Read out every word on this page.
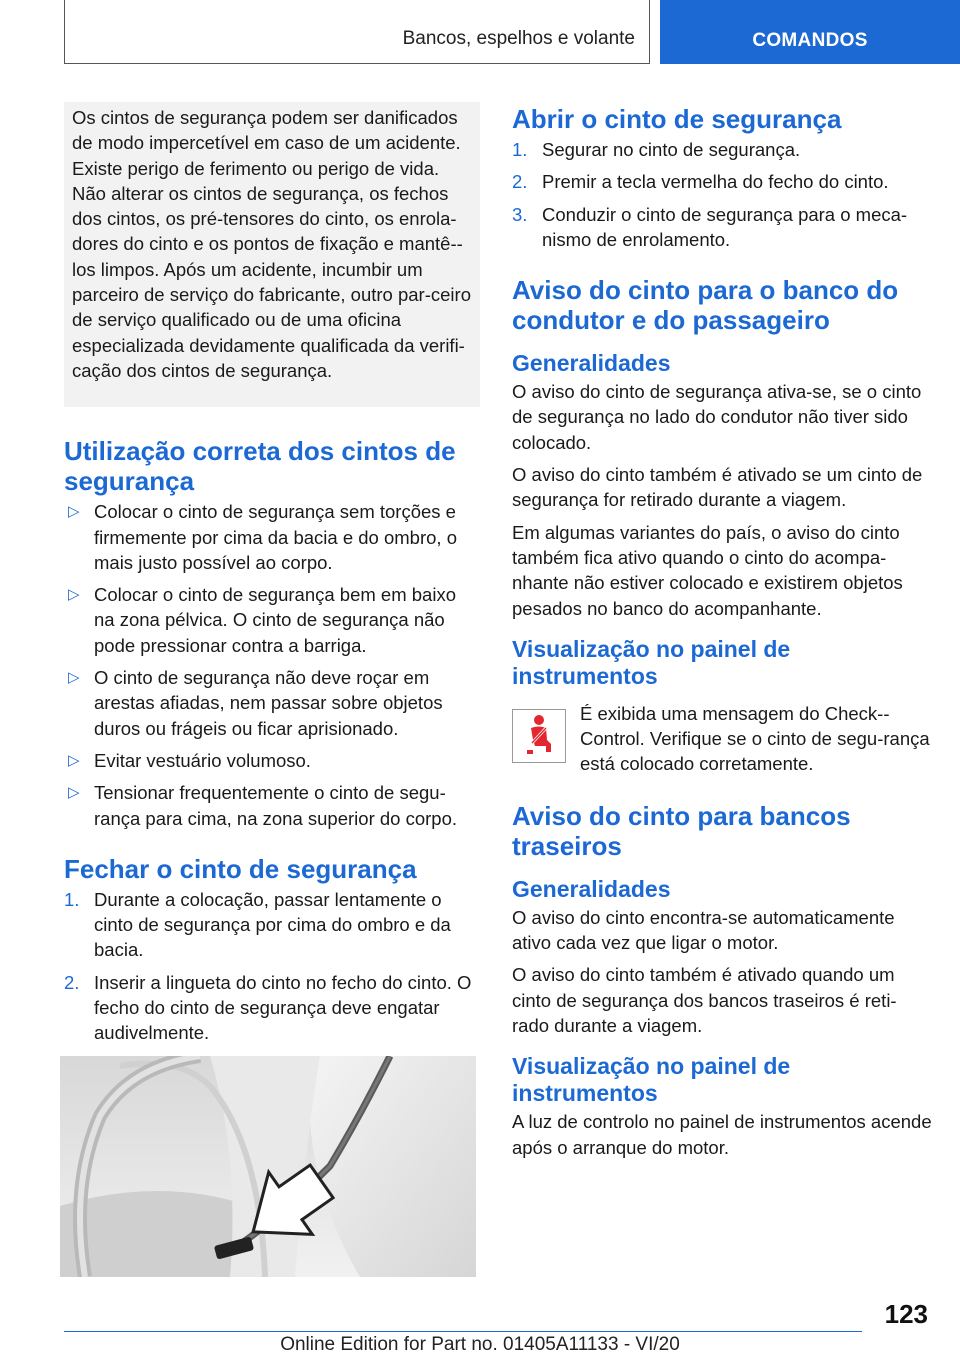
Bancos, espelhos e volante	COMANDOS

Os cintos de segurança podem ser danificados de modo impercetível em caso de um acidente. Existe perigo de ferimento ou perigo de vida. Não alterar os cintos de segurança, os fechos dos cintos, os pré-tensores do cinto, os enrola-dores do cinto e os pontos de fixação e mantê--los limpos. Após um acidente, incumbir um parceiro de serviço do fabricante, outro par-ceiro de serviço qualificado ou de uma oficina especializada devidamente qualificada da verifi-cação dos cintos de segurança.

Utilização correta dos cintos de segurança
▷ Colocar o cinto de segurança sem torções e firmemente por cima da bacia e do ombro, o mais justo possível ao corpo.
▷ Colocar o cinto de segurança bem em baixo na zona pélvica. O cinto de segurança não pode pressionar contra a barriga.
▷ O cinto de segurança não deve roçar em arestas afiadas, nem passar sobre objetos duros ou frágeis ou ficar aprisionado.
▷ Evitar vestuário volumoso.
▷ Tensionar frequentemente o cinto de segu-rança para cima, na zona superior do corpo.
Fechar o cinto de segurança
1. Durante a colocação, passar lentamente o cinto de segurança por cima do ombro e da bacia.
2. Inserir a lingueta do cinto no fecho do cinto. O fecho do cinto de segurança deve engatar audivelmente.
Abrir o cinto de segurança
1. Segurar no cinto de segurança.
2. Premir a tecla vermelha do fecho do cinto.
3. Conduzir o cinto de segurança para o meca-nismo de enrolamento.
Aviso do cinto para o banco do condutor e do passageiro
Generalidades

O aviso do cinto de segurança ativa-se, se o cinto de segurança no lado do condutor não tiver sido colocado.

O aviso do cinto também é ativado se um cinto de segurança for retirado durante a viagem.

Em algumas variantes do país, o aviso do cinto também fica ativo quando o cinto do acompa-nhante não estiver colocado e existirem objetos pesados no banco do acompanhante.

Visualização no painel de instrumentos

É exibida uma mensagem do Check--Control. Verifique se o cinto de segu-rança está colocado corretamente.

Aviso do cinto para bancos traseiros
Generalidades

O aviso do cinto encontra-se automaticamente ativo cada vez que ligar o motor.

O aviso do cinto também é ativado quando um cinto de segurança dos bancos traseiros é reti-rado durante a viagem.

Visualização no painel de instrumentos

A luz de controlo no painel de instrumentos acende após o arranque do motor.

123
Online Edition for Part no. 01405A11133 - VI/20
